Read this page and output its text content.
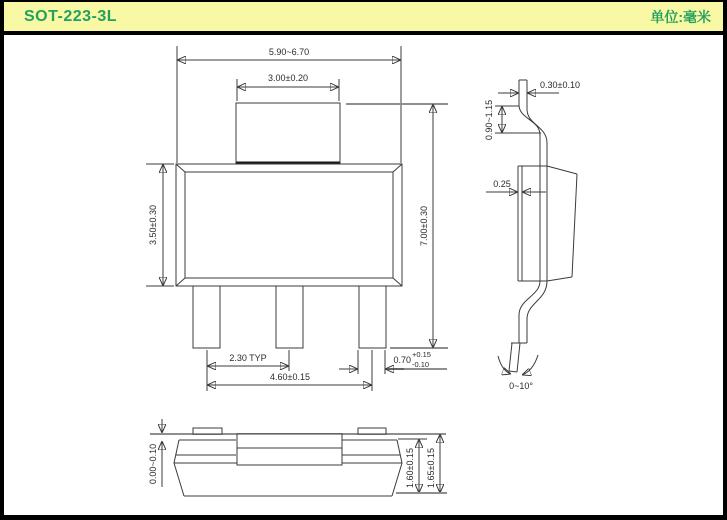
SOT-223-3L	单位:毫米
5.90~6.70
3.00±0.20
3.50±0.30	7.00±0.30
2.30 TYP
4.60±0.15
0.70
+0.15
-0.10
0.30±0.10
0.90~1.15
0.25
0~10°
0.00~0.10	1.60±0.15 1.65±0.15
